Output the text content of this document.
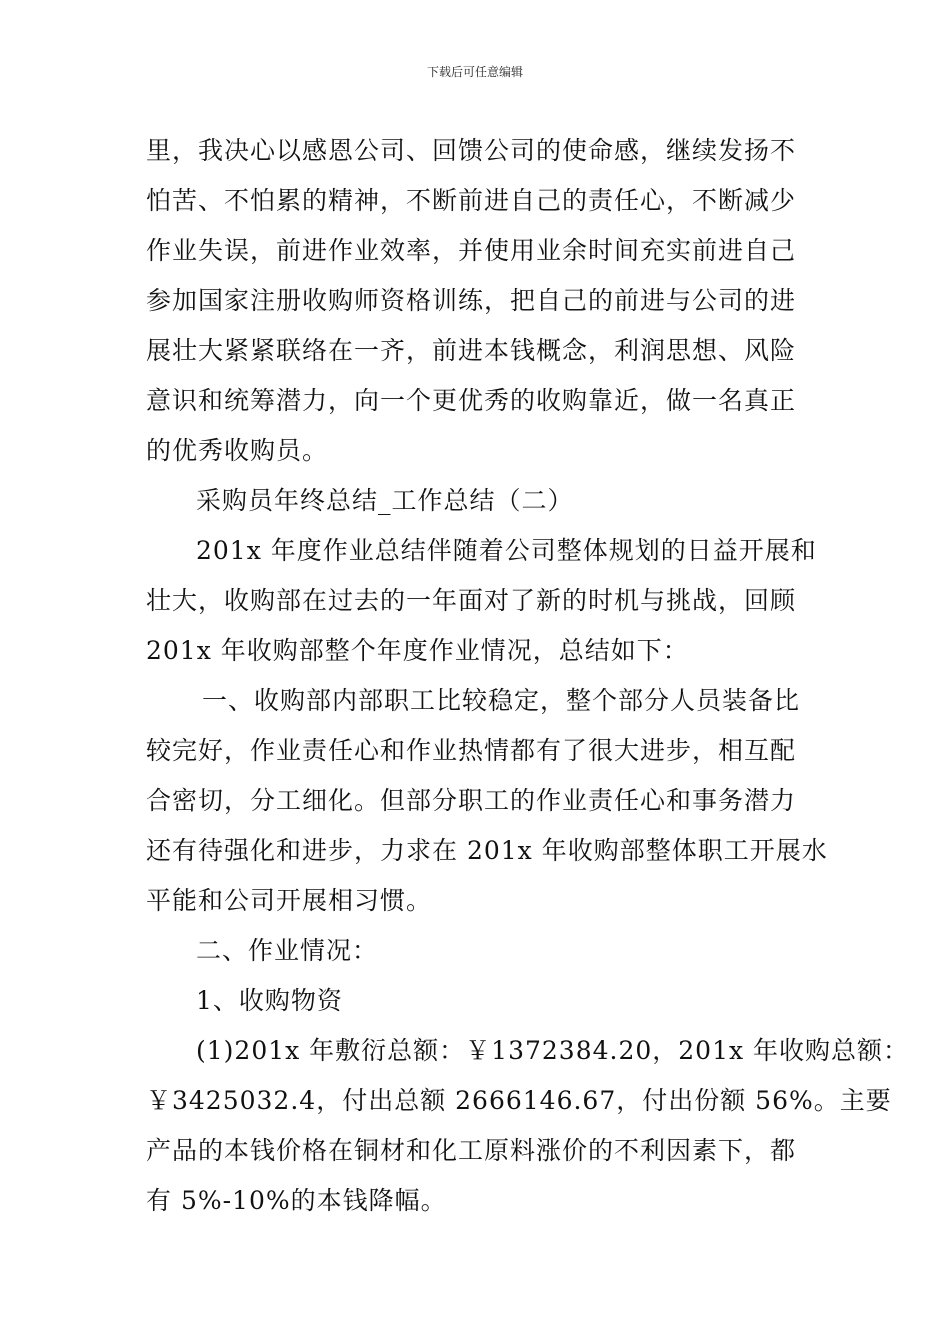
下载后可任意编辑
里，我决心以感恩公司、回馈公司的使命感，继续发扬不
怕苦、不怕累的精神，不断前进自己的责任心，不断减少
作业失误，前进作业效率，并使用业余时间充实前进自己
参加国家注册收购师资格训练，把自己的前进与公司的进
展壮大紧紧联络在一齐，前进本钱概念，利润思想、风险
意识和统筹潜力，向一个更优秀的收购靠近，做一名真正
的优秀收购员。
采购员年终总结_工作总结（二）
201x 年度作业总结伴随着公司整体规划的日益开展和
壮大，收购部在过去的一年面对了新的时机与挑战，回顾
201x 年收购部整个年度作业情况，总结如下：
一、收购部内部职工比较稳定，整个部分人员装备比
较完好，作业责任心和作业热情都有了很大进步，相互配
合密切，分工细化。但部分职工的作业责任心和事务潜力
还有待强化和进步，力求在 201x 年收购部整体职工开展水
平能和公司开展相习惯。
二、作业情况：
1、收购物资
(1)201x 年敷衍总额：￥1372384.20，201x 年收购总额：
￥3425032.4，付出总额 2666146.67，付出份额 56%。主要
产品的本钱价格在铜材和化工原料涨价的不利因素下，都
有 5%-10%的本钱降幅。
